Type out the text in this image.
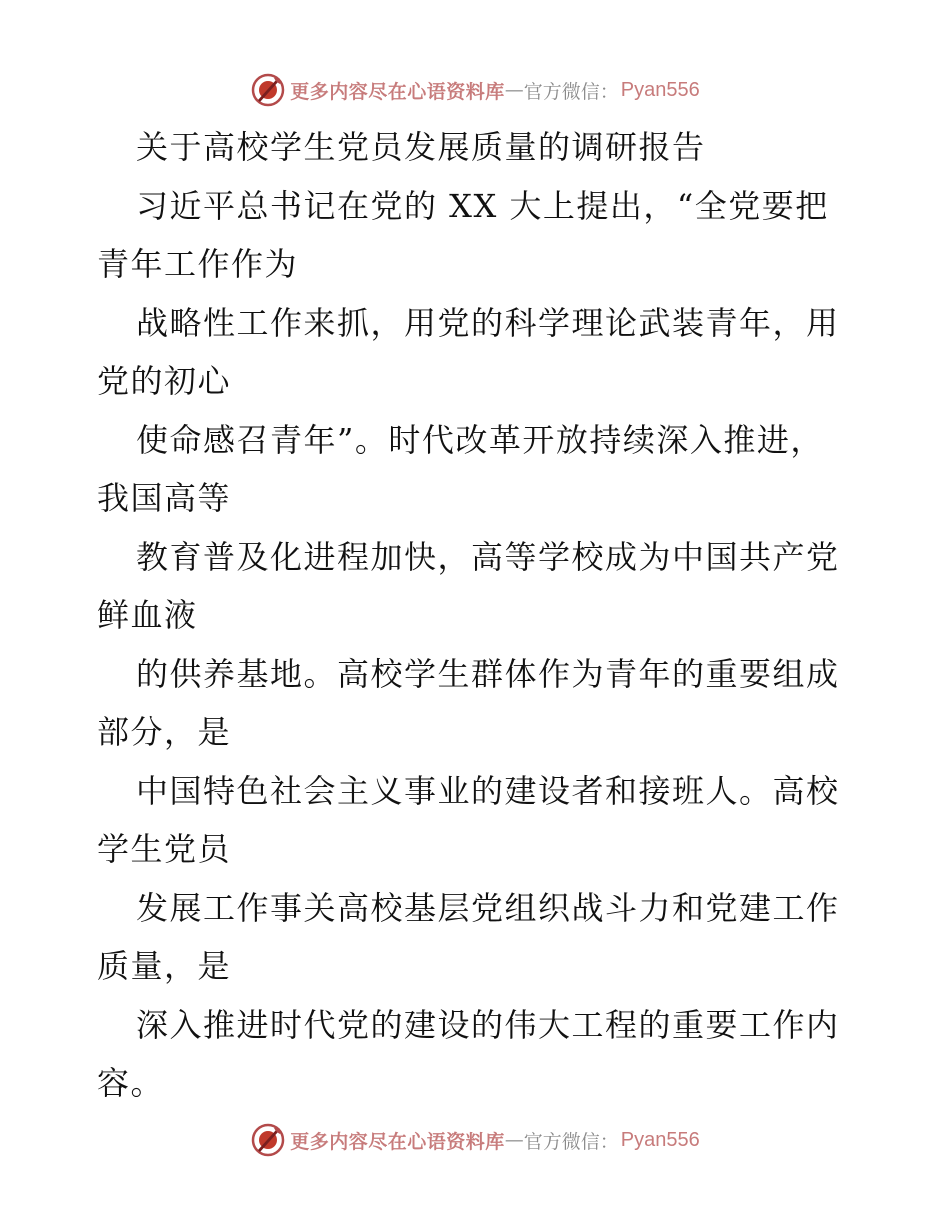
更多内容尽在心语资料库 — 官方微信： Pyan556
关于高校学生党员发展质量的调研报告
习近平总书记在党的 XX 大上提出，“全党要把
青年工作作为
战略性工作来抓，用党的科学理论武装青年，用
党的初心
使命感召青年”。时代改革开放持续深入推进，
我国高等
教育普及化进程加快，高等学校成为中国共产党
鲜血液
的供养基地。高校学生群体作为青年的重要组成
部分，是
中国特色社会主义事业的建设者和接班人。高校
学生党员
发展工作事关高校基层党组织战斗力和党建工作
质量，是
深入推进时代党的建设的伟大工程的重要工作内
容。
更多内容尽在心语资料库 — 官方微信： Pyan556
